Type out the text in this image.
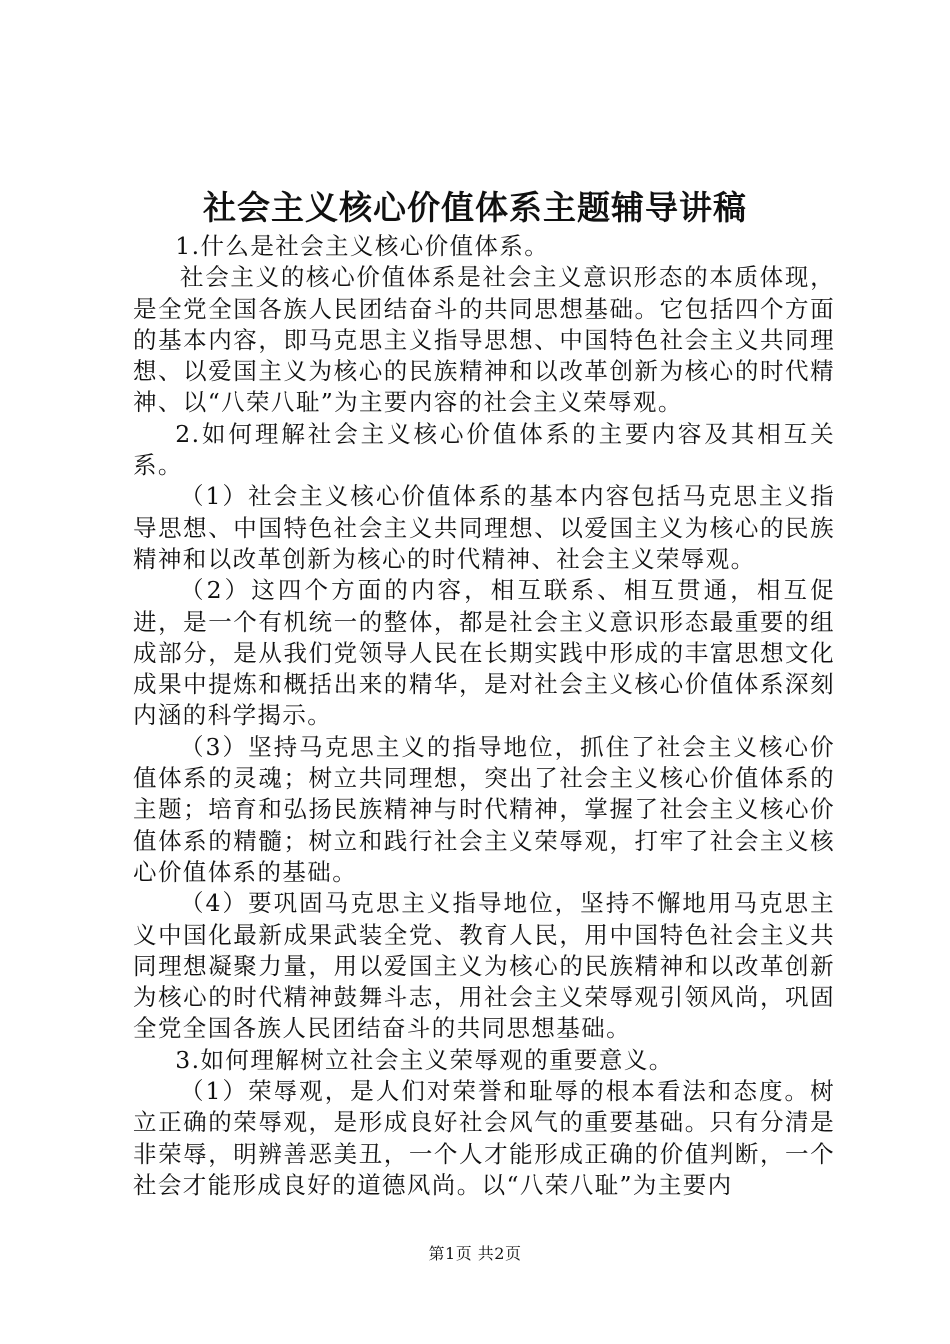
社会主义核心价值体系主题辅导讲稿

1.什么是社会主义核心价值体系。

社会主义的核心价值体系是社会主义意识形态的本质体现，是全党全国各族人民团结奋斗的共同思想基础。它包括四个方面的基本内容，即马克思主义指导思想、中国特色社会主义共同理想、以爱国主义为核心的民族精神和以改革创新为核心的时代精神、以“八荣八耻”为主要内容的社会主义荣辱观。

2.如何理解社会主义核心价值体系的主要内容及其相互关系。

（1）社会主义核心价值体系的基本内容包括马克思主义指导思想、中国特色社会主义共同理想、以爱国主义为核心的民族精神和以改革创新为核心的时代精神、社会主义荣辱观。

（2）这四个方面的内容，相互联系、相互贯通，相互促进，是一个有机统一的整体，都是社会主义意识形态最重要的组成部分，是从我们党领导人民在长期实践中形成的丰富思想文化成果中提炼和概括出来的精华，是对社会主义核心价值体系深刻内涵的科学揭示。

（3）坚持马克思主义的指导地位，抓住了社会主义核心价值体系的灵魂；树立共同理想，突出了社会主义核心价值体系的主题；培育和弘扬民族精神与时代精神，掌握了社会主义核心价值体系的精髓；树立和践行社会主义荣辱观，打牢了社会主义核心价值体系的基础。

（4）要巩固马克思主义指导地位，坚持不懈地用马克思主义中国化最新成果武装全党、教育人民，用中国特色社会主义共同理想凝聚力量，用以爱国主义为核心的民族精神和以改革创新为核心的时代精神鼓舞斗志，用社会主义荣辱观引领风尚，巩固全党全国各族人民团结奋斗的共同思想基础。

3.如何理解树立社会主义荣辱观的重要意义。

（1）荣辱观，是人们对荣誉和耻辱的根本看法和态度。树立正确的荣辱观，是形成良好社会风气的重要基础。只有分清是非荣辱，明辨善恶美丑，一个人才能形成正确的价值判断，一个社会才能形成良好的道德风尚。以“八荣八耻”为主要内

第1页 共2页
